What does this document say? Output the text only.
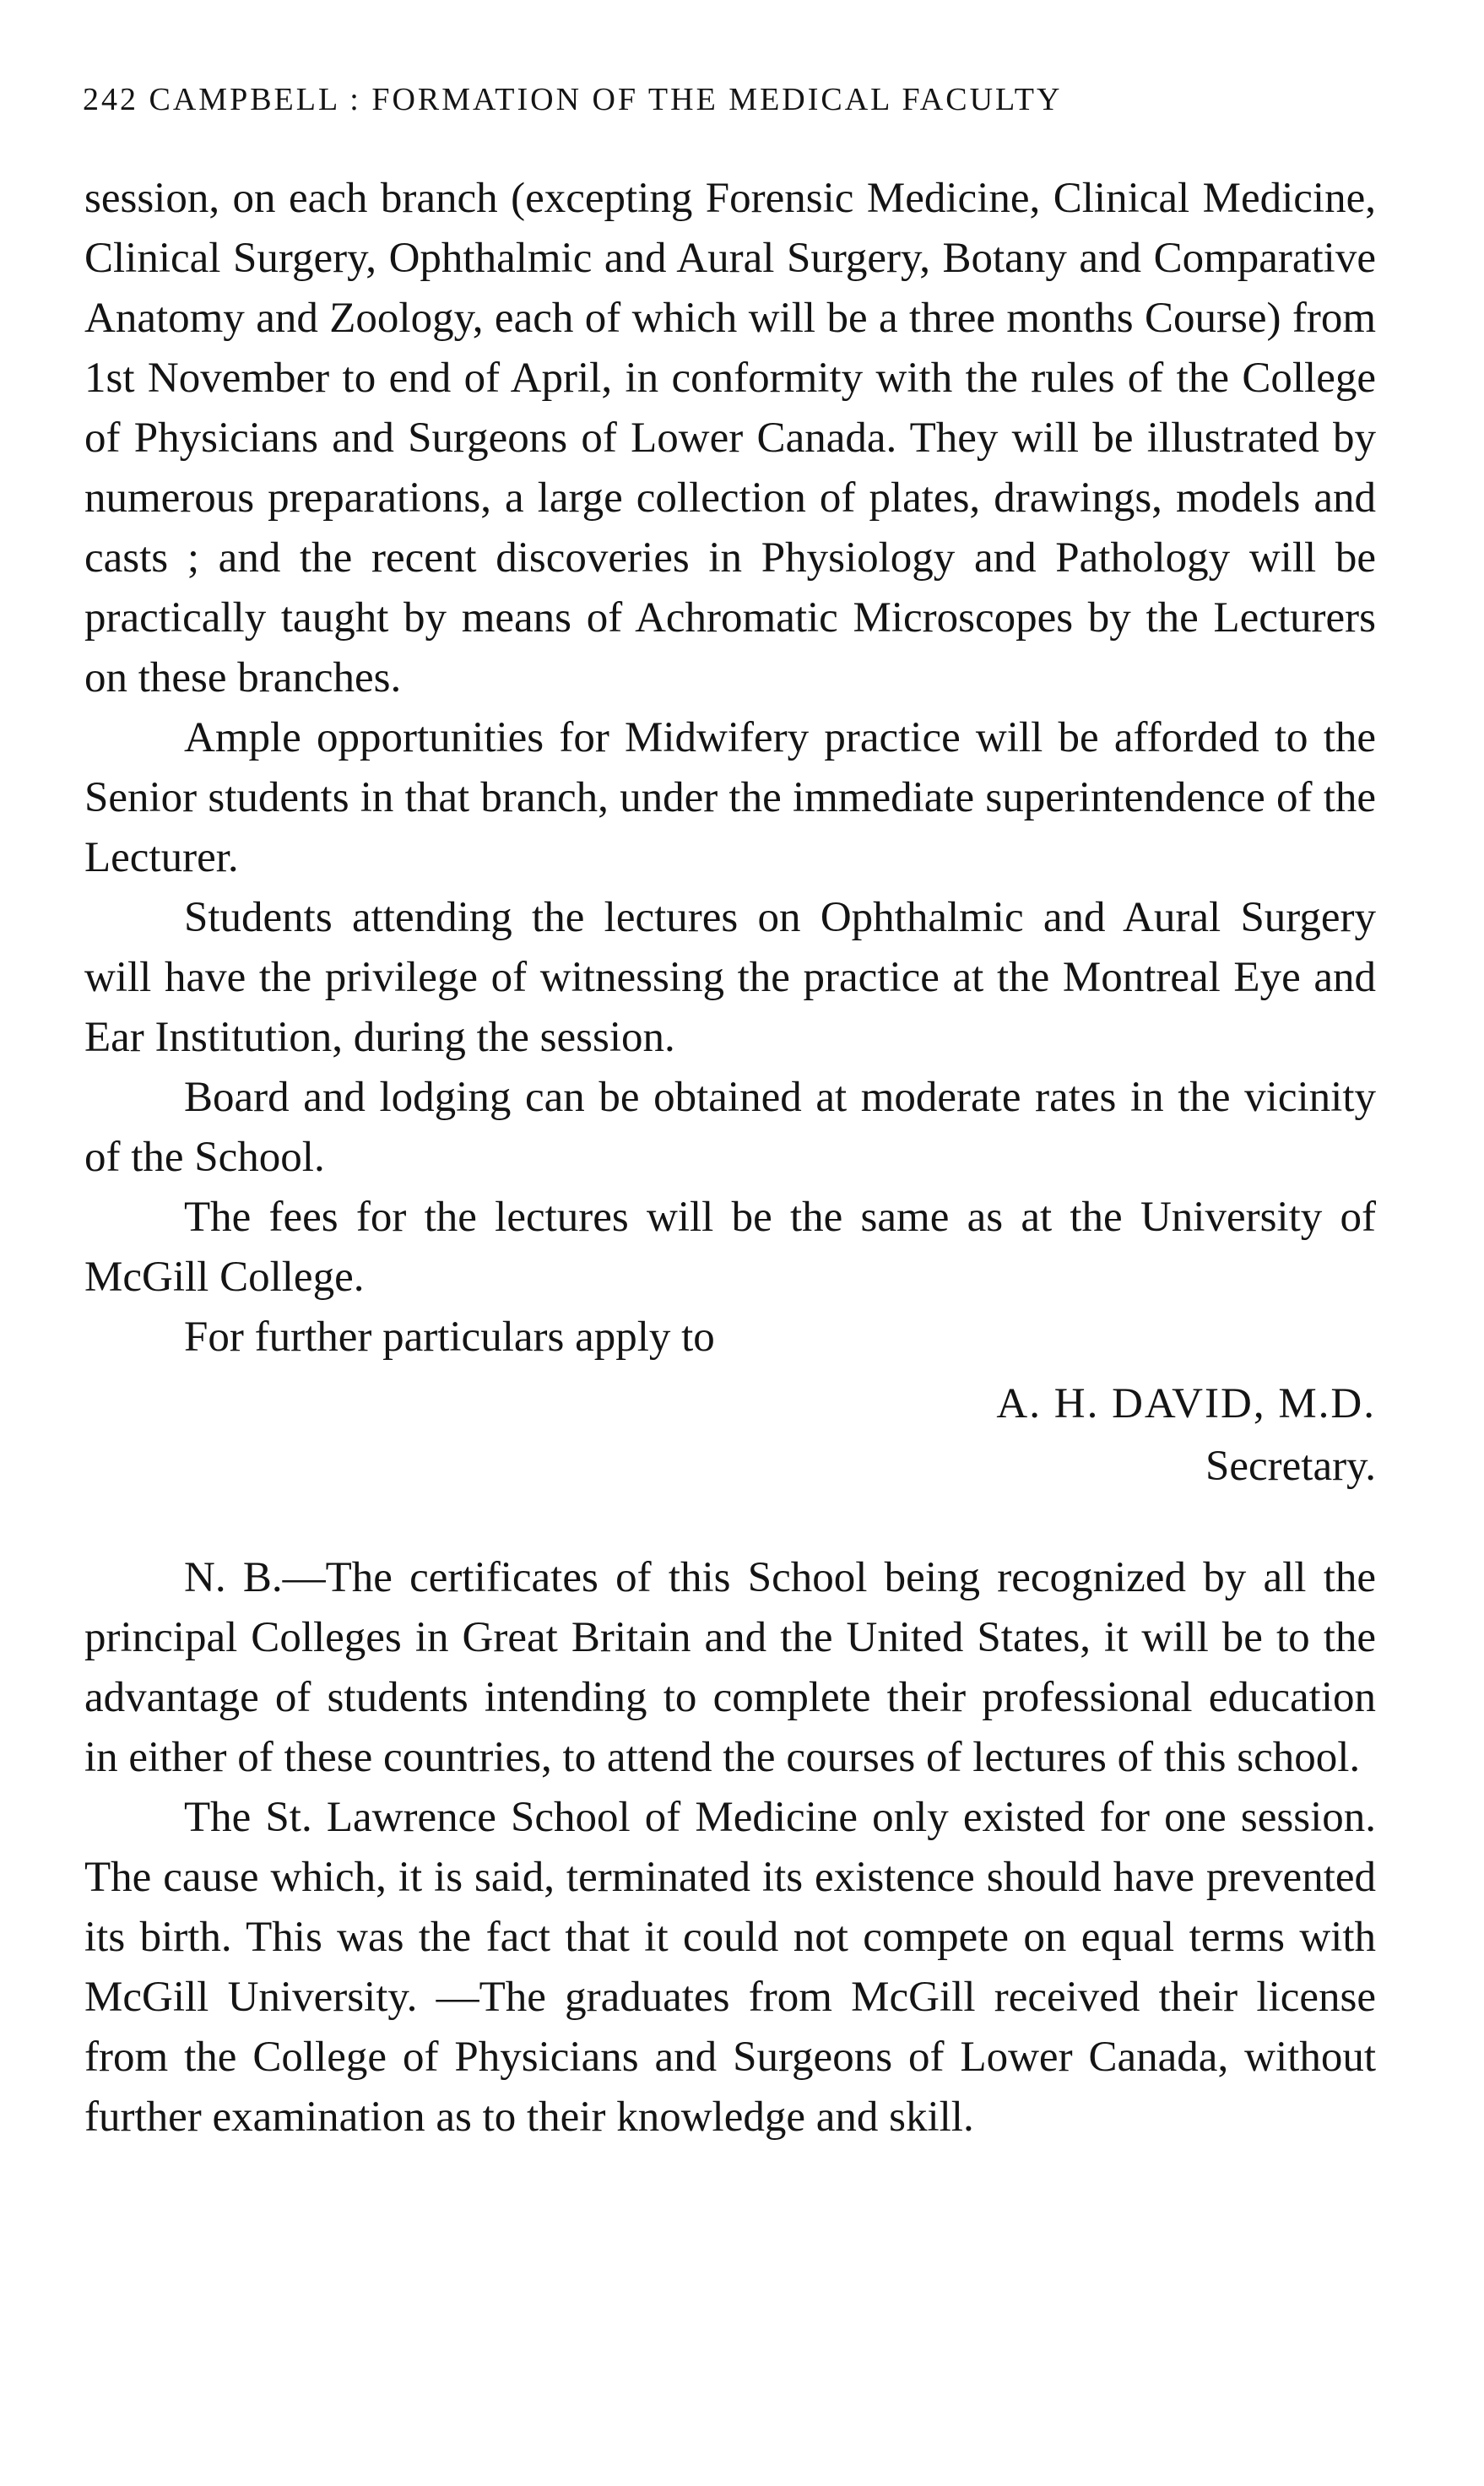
242 CAMPBELL : FORMATION OF THE MEDICAL FACULTY

session, on each branch (excepting Forensic Medicine, Clinical Medicine, Clinical Surgery, Ophthalmic and Aural Surgery, Botany and Comparative Anatomy and Zoology, each of which will be a three months Course) from 1st November to end of April, in conformity with the rules of the College of Physicians and Surgeons of Lower Canada. They will be illustrated by numerous preparations, a large collection of plates, drawings, models and casts ; and the recent discoveries in Physiology and Pathology will be practically taught by means of Achromatic Microscopes by the Lecturers on these branches.

Ample opportunities for Midwifery practice will be afforded to the Senior students in that branch, under the immediate superintendence of the Lecturer.

Students attending the lectures on Ophthalmic and Aural Surgery will have the privilege of witnessing the practice at the Montreal Eye and Ear Institution, during the session.

Board and lodging can be obtained at moderate rates in the vicinity of the School.

The fees for the lectures will be the same as at the University of McGill College.

For further particulars apply to

A. H. DAVID, M.D.

Secretary.

N. B.—The certificates of this School being recognized by all the principal Colleges in Great Britain and the United States, it will be to the advantage of students intending to complete their professional education in either of these countries, to attend the courses of lectures of this school.

The St. Lawrence School of Medicine only existed for one session. The cause which, it is said, terminated its existence should have prevented its birth. This was the fact that it could not compete on equal terms with McGill University. —The graduates from McGill received their license from the College of Physicians and Surgeons of Lower Canada, without further examination as to their knowledge and skill.
